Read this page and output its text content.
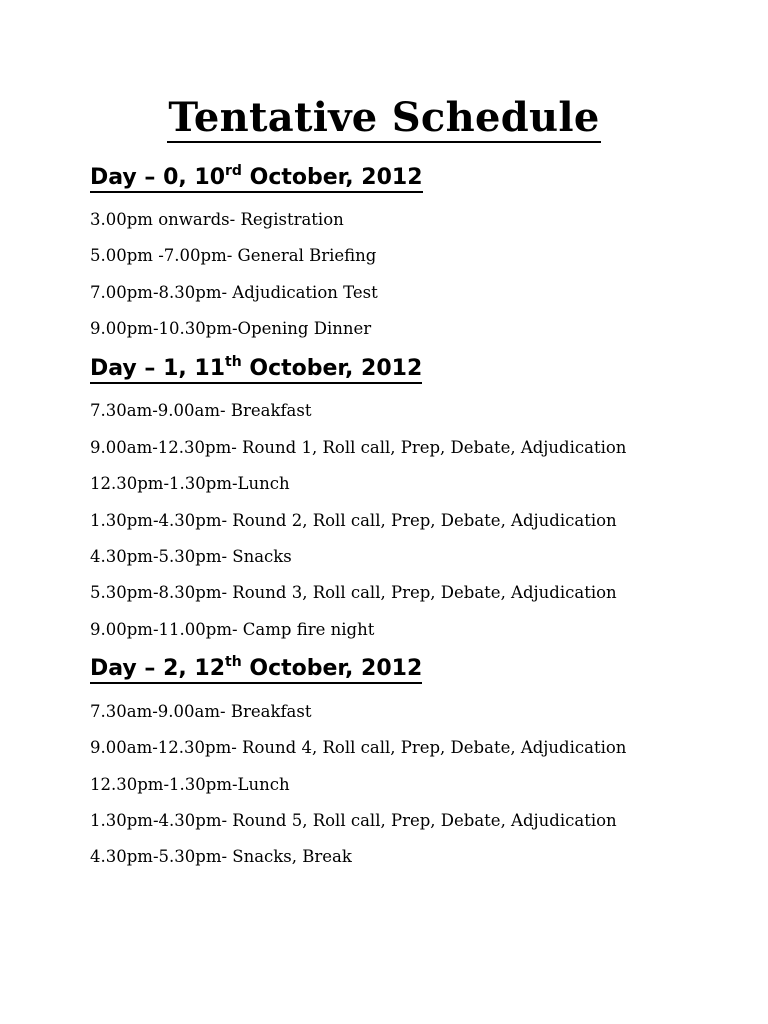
Tentative Schedule
Day – 0, 10rd October, 2012

3.00pm onwards- Registration

5.00pm -7.00pm- General Briefing

7.00pm-8.30pm- Adjudication Test

9.00pm-10.30pm-Opening Dinner

Day – 1, 11th October, 2012

7.30am-9.00am- Breakfast

9.00am-12.30pm- Round 1, Roll call, Prep, Debate, Adjudication

12.30pm-1.30pm-Lunch

1.30pm-4.30pm- Round 2, Roll call, Prep, Debate, Adjudication

4.30pm-5.30pm- Snacks

5.30pm-8.30pm- Round 3, Roll call, Prep, Debate, Adjudication

9.00pm-11.00pm- Camp fire night

Day – 2, 12th October, 2012

7.30am-9.00am- Breakfast

9.00am-12.30pm- Round 4, Roll call, Prep, Debate, Adjudication

12.30pm-1.30pm-Lunch

1.30pm-4.30pm- Round 5, Roll call, Prep, Debate, Adjudication

4.30pm-5.30pm- Snacks, Break
